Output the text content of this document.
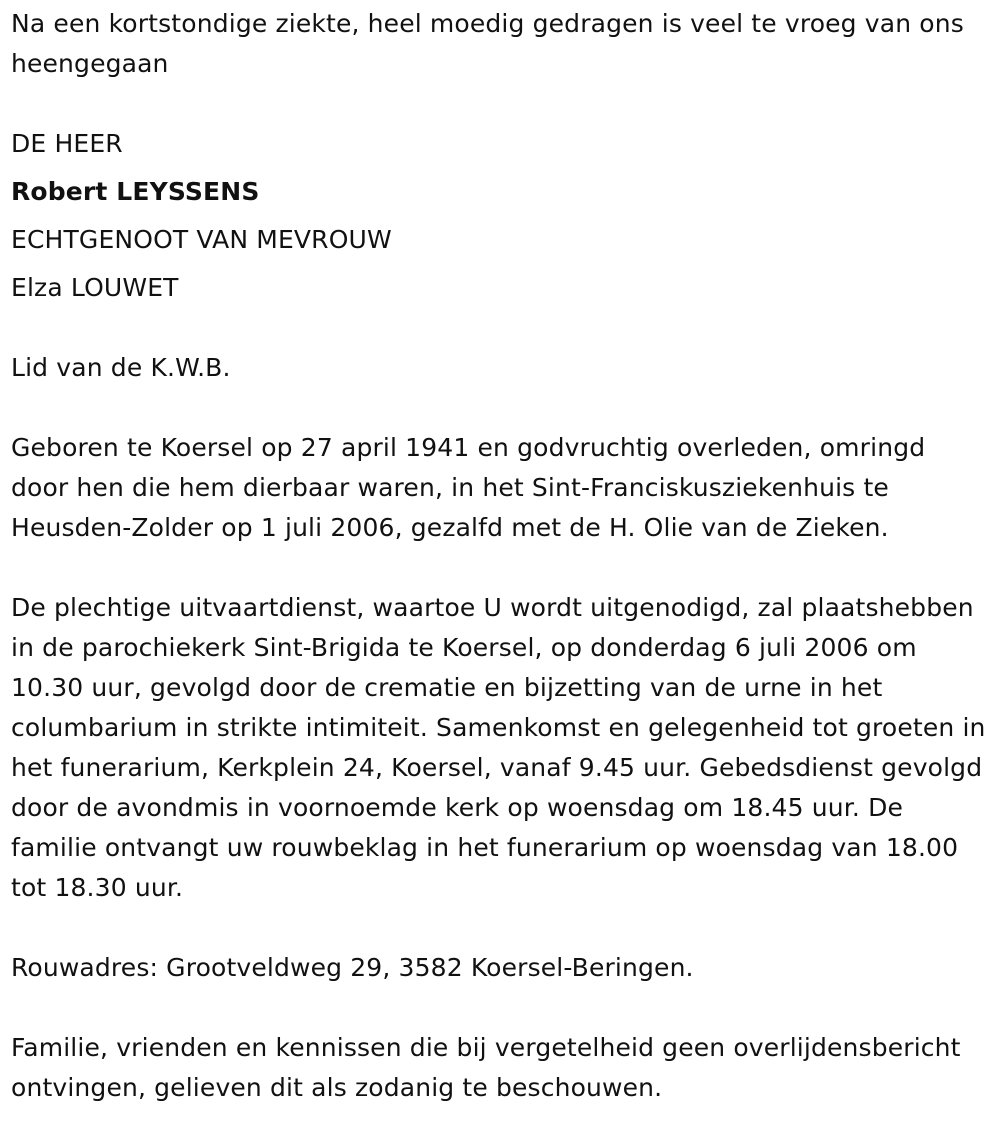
Na een kortstondige ziekte, heel moedig gedragen is veel te vroeg van ons heengegaan

DE HEER

Robert LEYSSENS

ECHTGENOOT VAN MEVROUW

Elza LOUWET

Lid van de K.W.B.

Geboren te Koersel op 27 april 1941 en godvruchtig overleden, omringd door hen die hem dierbaar waren, in het Sint-Franciskusziekenhuis te Heusden-Zolder op 1 juli 2006, gezalfd met de H. Olie van de Zieken.

De plechtige uitvaartdienst, waartoe U wordt uitgenodigd, zal plaatshebben in de parochiekerk Sint-Brigida te Koersel, op donderdag 6 juli 2006 om 10.30 uur, gevolgd door de crematie en bijzetting van de urne in het columbarium in strikte intimiteit. Samenkomst en gelegenheid tot groeten in het funerarium, Kerkplein 24, Koersel, vanaf 9.45 uur. Gebedsdienst gevolgd door de avondmis in voornoemde kerk op woensdag om 18.45 uur. De familie ontvangt uw rouwbeklag in het funerarium op woensdag van 18.00 tot 18.30 uur.

Rouwadres: Grootveldweg 29, 3582 Koersel-Beringen.

Familie, vrienden en kennissen die bij vergetelheid geen overlijdensbericht ontvingen, gelieven dit als zodanig te beschouwen.
